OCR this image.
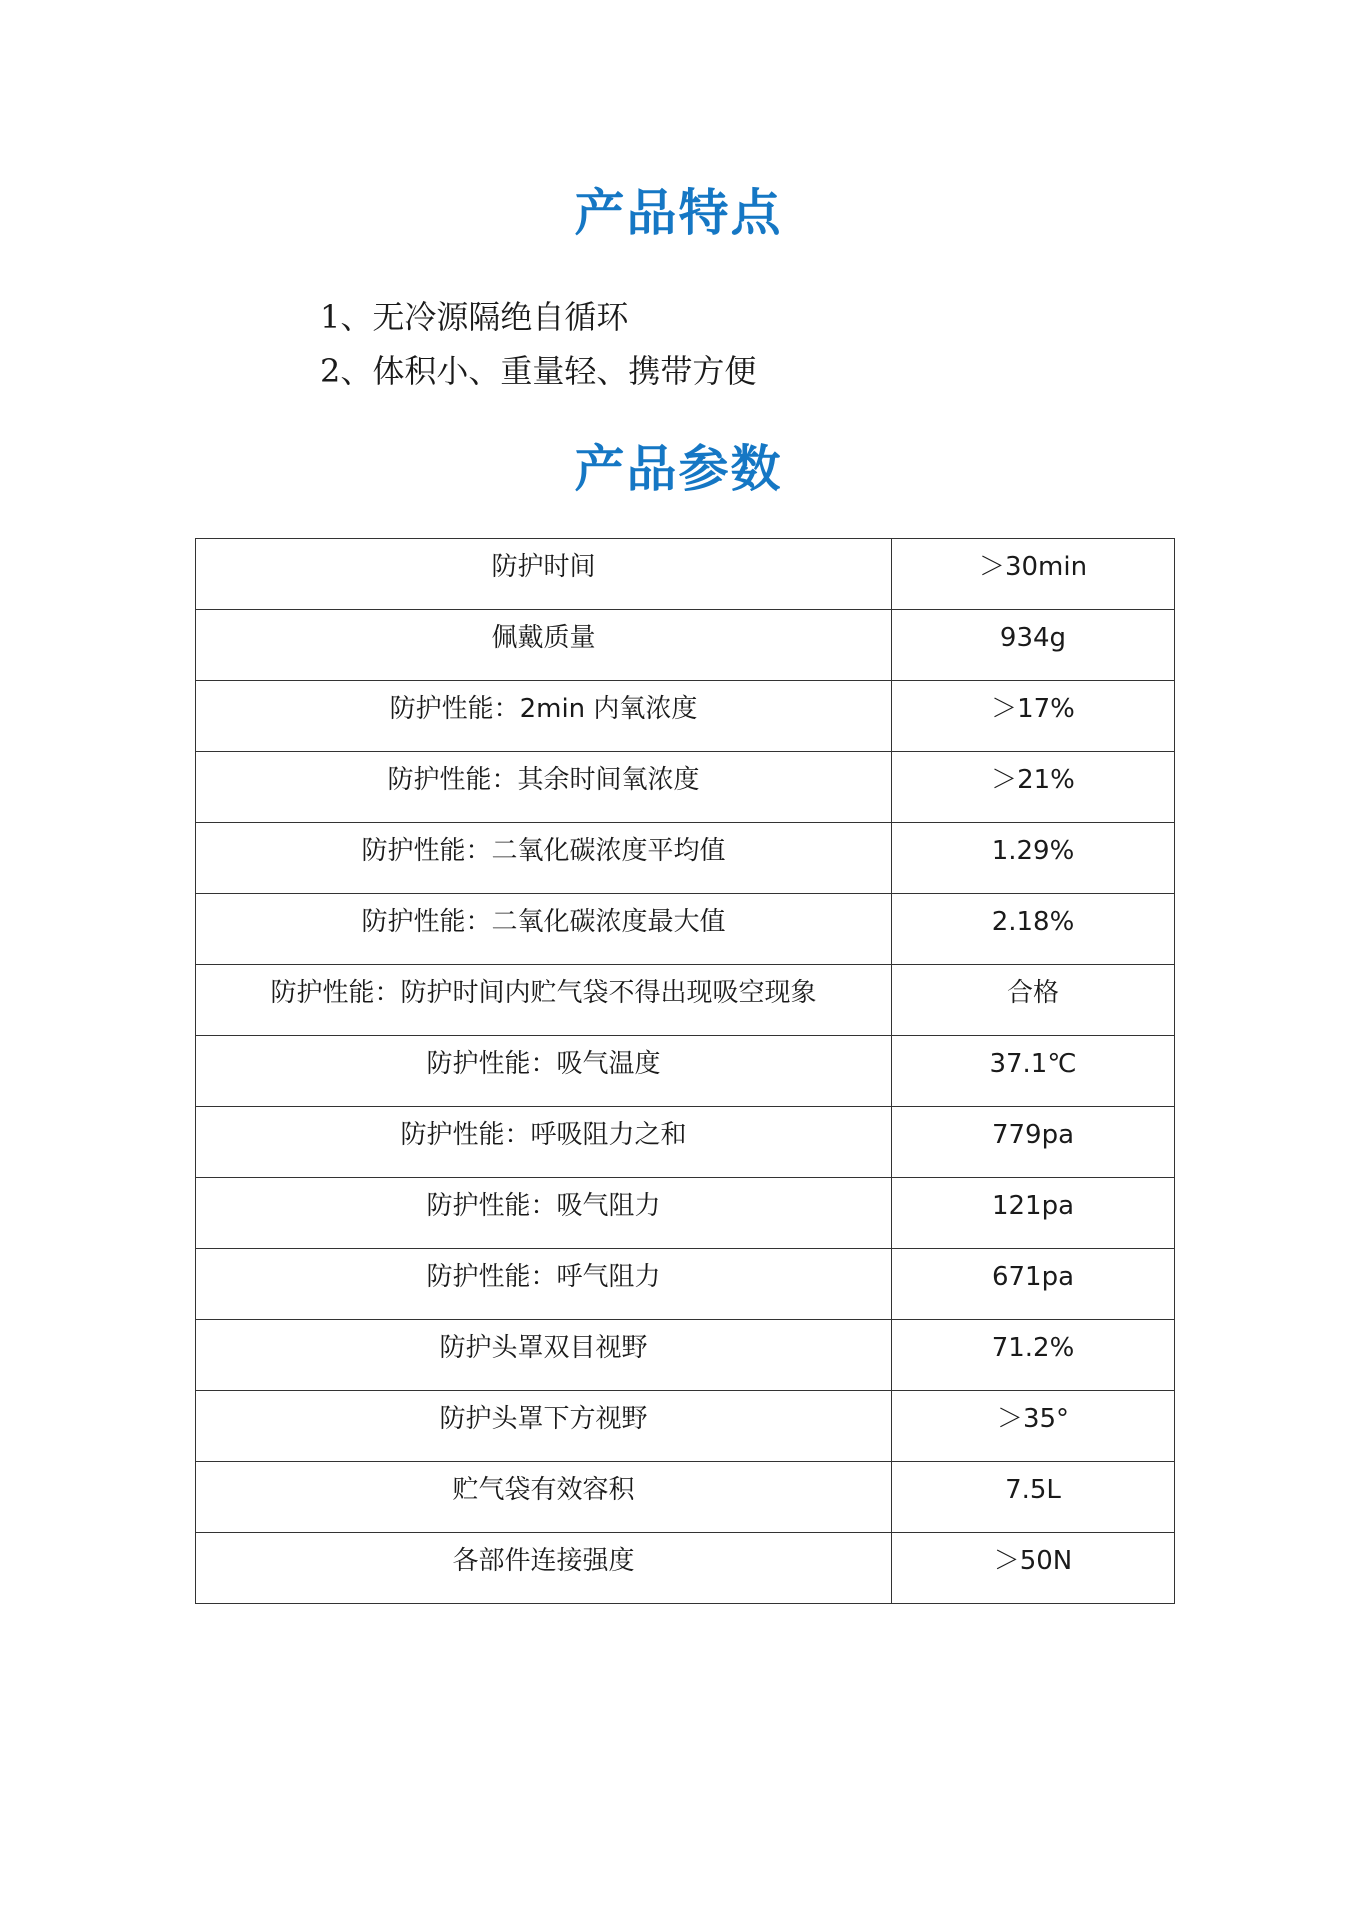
产品特点
1、无冷源隔绝自循环
2、体积小、重量轻、携带方便
产品参数
防护时间	＞30min

佩戴质量	934g

防护性能：2min 内氧浓度	＞17%

防护性能：其余时间氧浓度	＞21%

防护性能：二氧化碳浓度平均值	1.29%

防护性能：二氧化碳浓度最大值	2.18%

防护性能：防护时间内贮气袋不得出现吸空现象	合格

防护性能：吸气温度	37.1℃

防护性能：呼吸阻力之和	779pa

防护性能：吸气阻力	121pa

防护性能：呼气阻力	671pa

防护头罩双目视野	71.2%

防护头罩下方视野	＞35°

贮气袋有效容积	7.5L

各部件连接强度	＞50N
